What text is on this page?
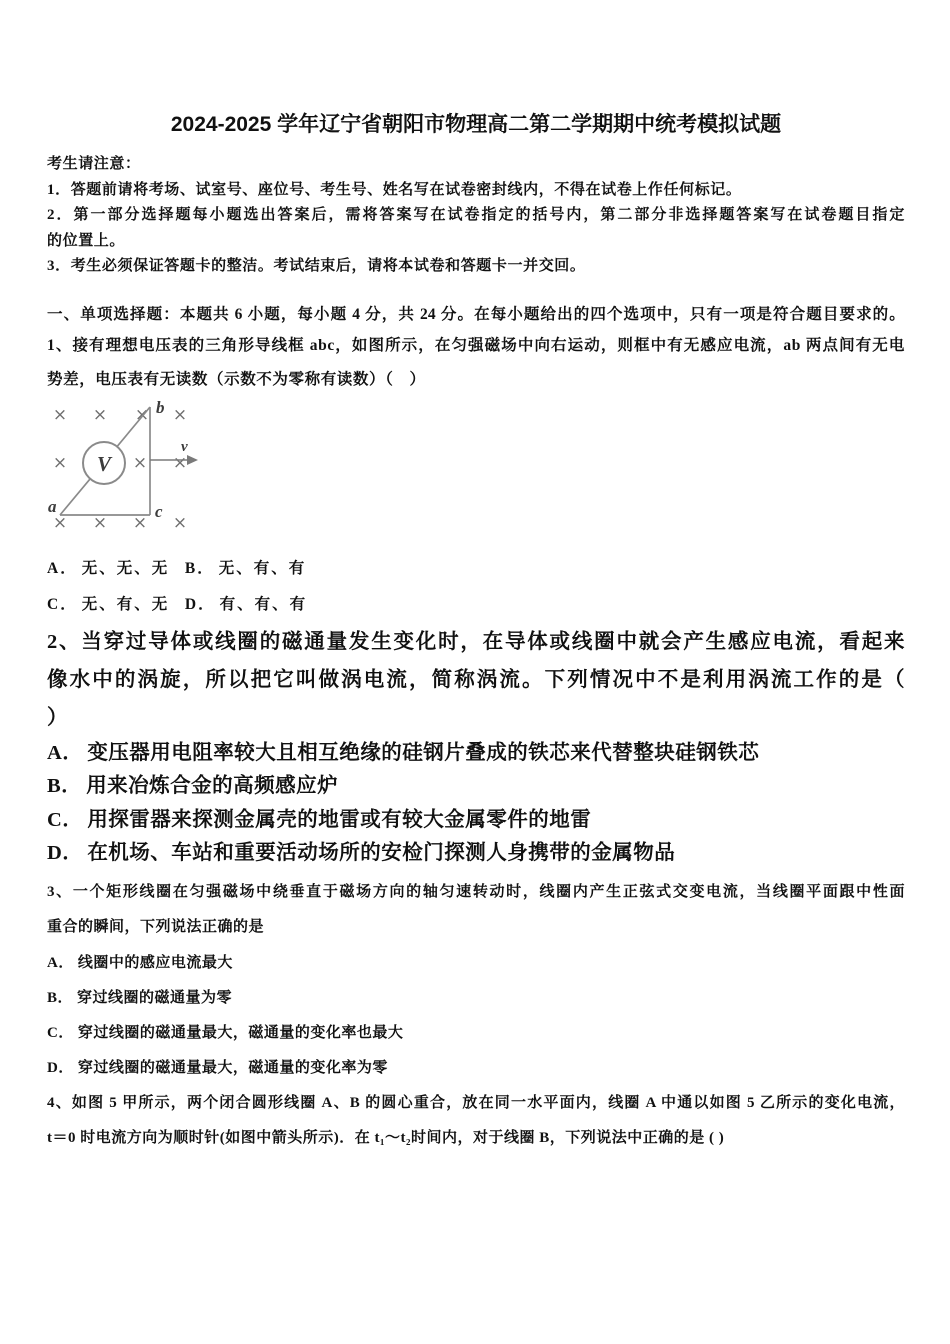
2024-2025 学年辽宁省朝阳市物理高二第二学期期中统考模拟试题
考生请注意：
1．答题前请将考场、试室号、座位号、考生号、姓名写在试卷密封线内，不得在试卷上作任何标记。
2．第一部分选择题每小题选出答案后，需将答案写在试卷指定的括号内，第二部分非选择题答案写在试卷题目指定
的位置上。
3．考生必须保证答题卡的整洁。考试结束后，请将本试卷和答题卡一并交回。
一、单项选择题：本题共 6 小题，每小题 4 分，共 24 分。在每小题给出的四个选项中，只有一项是符合题目要求的。
1、接有理想电压表的三角形导线框 abc，如图所示，在匀强磁场中向右运动，则框中有无感应电流，ab 两点间有无电
势差，电压表有无读数（示数不为零称有读数）（　）
× × × ×
×	× ×
× × × ×
V
a
b
c
v
A． 无、无、无 B． 无、有、有
C． 无、有、无 D． 有、有、有
2、当穿过导体或线圈的磁通量发生变化时，在导体或线圈中就会产生感应电流，看起来
像水中的涡旋，所以把它叫做涡电流，简称涡流。下列情况中不是利用涡流工作的是（
）
A． 变压器用电阻率较大且相互绝缘的硅钢片叠成的铁芯来代替整块硅钢铁芯
B． 用来冶炼合金的高频感应炉
C． 用探雷器来探测金属壳的地雷或有较大金属零件的地雷
D． 在机场、车站和重要活动场所的安检门探测人身携带的金属物品
3、一个矩形线圈在匀强磁场中绕垂直于磁场方向的轴匀速转动时，线圈内产生正弦式交变电流，当线圈平面跟中性面
重合的瞬间，下列说法正确的是
A． 线圈中的感应电流最大
B． 穿过线圈的磁通量为零
C． 穿过线圈的磁通量最大，磁通量的变化率也最大
D． 穿过线圈的磁通量最大，磁通量的变化率为零
4、如图 5 甲所示，两个闭合圆形线圈 A、B 的圆心重合，放在同一水平面内，线圈 A 中通以如图 5 乙所示的变化电流，
t＝0 时电流方向为顺时针(如图中箭头所示)．在 t₁～t₂时间内，对于线圈 B，下列说法中正确的是 ( )
